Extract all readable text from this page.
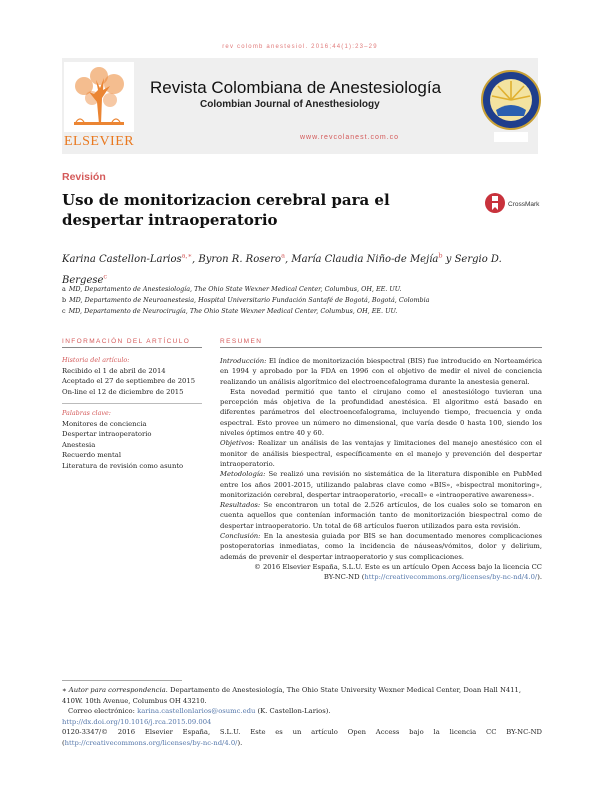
rev colomb anestesiol. 2016;44(1):23–29
ELSEVIER
Revista Colombiana de Anestesiología
Colombian Journal of Anesthesiology
www.revcolanest.com.co
Revisión
Uso de monitorizacion cerebral para el despertar intraoperatorio
CrossMark
Karina Castellon-Larios$^{a,∗}$, Byron R. Rosero$^a$, María Claudia Niño-de Mejía$^b$ y Sergio D. Bergese$^c$
a MD, Departamento de Anestesiología, The Ohio State Wexner Medical Center, Columbus, OH, EE. UU.
b MD, Departamento de Neuroanestesia, Hospital Universitario Fundación Santafé de Bogotá, Bogotá, Colombia
c MD, Departamento de Neurocirugía, The Ohio State Wexner Medical Center, Columbus, OH, EE. UU.
INFORMACIÓN DEL ARTÍCULO	RESUMEN
Historia del artículo:
Recibido el 1 de abril de 2014
Aceptado el 27 de septiembre de 2015
On-line el 12 de diciembre de 2015
Palabras clave:
Monitores de conciencia
Despertar intraoperatorio
Anestesia
Recuerdo mental
Literatura de revisión como asunto

Introducción: El índice de monitorización biespectral (BIS) fue introducido en Norteamérica en 1994 y aprobado por la FDA en 1996 con el objetivo de medir el nivel de conciencia realizando un análisis algorítmico del electroencefalograma durante la anestesia general.

Esta novedad permitió que tanto el cirujano como el anestesiólogo tuvieran una percepción más objetiva de la profundidad anestésica. El algoritmo está basado en diferentes parámetros del electroencefalograma, incluyendo tiempo, frecuencia y onda espectral. Esto provee un número no dimensional, que varía desde 0 hasta 100, siendo los niveles óptimos entre 40 y 60.

Objetivos: Realizar un análisis de las ventajas y limitaciones del manejo anestésico con el monitor de análisis biespectral, específicamente en el manejo y prevención del despertar intraoperatorio.

Metodología: Se realizó una revisión no sistemática de la literatura disponible en PubMed entre los años 2001-2015, utilizando palabras clave como «BIS», «bispectral monitoring», monitorización cerebral, despertar intraoperatorio, «recall» e «intraoperative awareness».

Resultados: Se encontraron un total de 2.526 artículos, de los cuales solo se tomaron en cuenta aquellos que contenían información tanto de monitorización biespectral como de despertar intraoperatorio. Un total de 68 artículos fueron utilizados para esta revisión.

Conclusión: En la anestesia guiada por BIS se han documentado menores complicaciones postoperatorias inmediatas, como la incidencia de náuseas/vómitos, dolor y delirium, además de prevenir el despertar intraoperatorio y sus complicaciones.

© 2016 Elsevier España, S.L.U. Este es un artículo Open Access bajo la licencia CC

BY-NC-ND (http://creativecommons.org/licenses/by-nc-nd/4.0/).

∗ Autor para correspondencia. Departamento de Anestesiología, The Ohio State University Wexner Medical Center, Doan Hall N411, 410W. 10th Avenue, Columbus OH 43210.

Correo electrónico: karina.castellonlarios@osumc.edu (K. Castellon-Larios).

http://dx.doi.org/10.1016/j.rca.2015.09.004

0120-3347/© 2016 Elsevier España, S.L.U. Este es un artículo Open Access bajo la licencia CC BY-NC-ND (http://creativecommons.org/licenses/by-nc-nd/4.0/).
